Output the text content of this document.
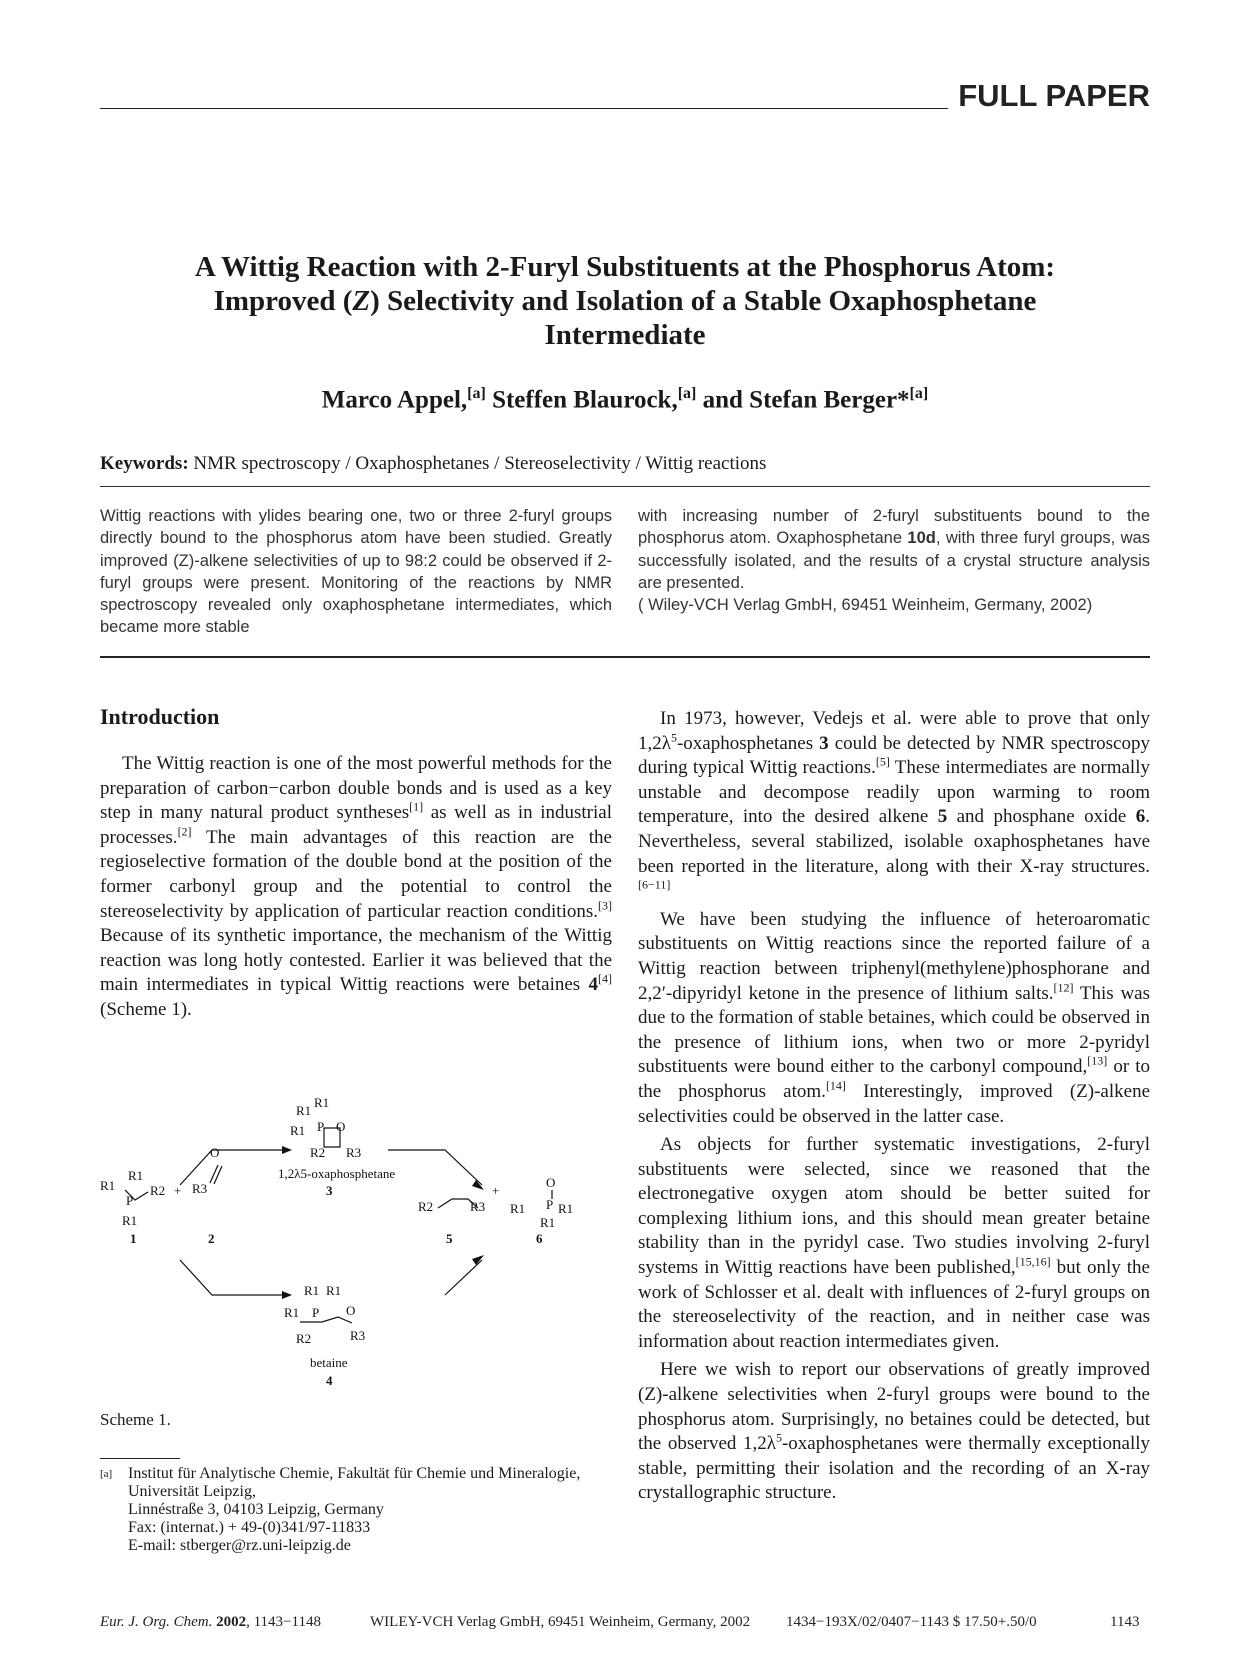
FULL PAPER
A Wittig Reaction with 2-Furyl Substituents at the Phosphorus Atom:
Improved (Z) Selectivity and Isolation of a Stable Oxaphosphetane
Intermediate
Marco Appel,[a] Steffen Blaurock,[a] and Stefan Berger*[a]
Keywords: NMR spectroscopy / Oxaphosphetanes / Stereoselectivity / Wittig reactions
Wittig reactions with ylides bearing one, two or three 2-furyl groups directly bound to the phosphorus atom have been studied. Greatly improved (Z)-alkene selectivities of up to 98:2 could be observed if 2-furyl groups were present. Monitoring of the reactions by NMR spectroscopy revealed only oxaphosphetane intermediates, which became more stable
with increasing number of 2-furyl substituents bound to the phosphorus atom. Oxaphosphetane 10d, with three furyl groups, was successfully isolated, and the results of a crystal structure analysis are presented.
( Wiley-VCH Verlag GmbH, 69451 Weinheim, Germany, 2002)
Introduction

The Wittig reaction is one of the most powerful methods for the preparation of carbon−carbon double bonds and is used as a key step in many natural product syntheses[1] as well as in industrial processes.[2] The main advantages of this reaction are the regioselective formation of the double bond at the position of the former carbonyl group and the potential to control the stereoselectivity by application of particular reaction conditions.[3] Because of its synthetic importance, the mechanism of the Wittig reaction was long hotly contested. Earlier it was believed that the main intermediates in typical Wittig reactions were betaines 4[4] (Scheme 1).

R1
R1
R1 P O
R2 R3
1,2λ5-oxaphosphetane
3
R1
R1
P
R2
R1
1
+
O
R3
2
R2	R3
5
+
O
P
R1	R1
R1
6
R1 R1
R1 P O
R2	R3
betaine
4
Scheme 1.
[a] Institut für Analytische Chemie, Fakultät für Chemie und Mineralogie, Universität Leipzig,
Linnéstraße 3, 04103 Leipzig, Germany
Fax: (internat.) + 49-(0)341/97-11833
E-mail: stberger@rz.uni-leipzig.de

In 1973, however, Vedejs et al. were able to prove that only $1,2\lambda^5$-oxaphosphetanes 3 could be detected by NMR spectroscopy during typical Wittig reactions.[5] These intermediates are normally unstable and decompose readily upon warming to room temperature, into the desired alkene 5 and phosphane oxide 6. Nevertheless, several stabilized, isolable oxaphosphetanes have been reported in the literature, along with their X-ray structures.[6−11]

We have been studying the influence of heteroaromatic substituents on Wittig reactions since the reported failure of a Wittig reaction between triphenyl(methylene)phosphorane and 2,2′-dipyridyl ketone in the presence of lithium salts.[12] This was due to the formation of stable betaines, which could be observed in the presence of lithium ions, when two or more 2-pyridyl substituents were bound either to the carbonyl compound,[13] or to the phosphorus atom.[14] Interestingly, improved (Z)-alkene selectivities could be observed in the latter case.

As objects for further systematic investigations, 2-furyl substituents were selected, since we reasoned that the electronegative oxygen atom should be better suited for complexing lithium ions, and this should mean greater betaine stability than in the pyridyl case. Two studies involving 2-furyl systems in Wittig reactions have been published,[15,16] but only the work of Schlosser et al. dealt with influences of 2-furyl groups on the stereoselectivity of the reaction, and in neither case was information about reaction intermediates given.

Here we wish to report our observations of greatly improved (Z)-alkene selectivities when 2-furyl groups were bound to the phosphorus atom. Surprisingly, no betaines could be detected, but the observed $1,2\lambda^5$-oxaphosphetanes were thermally exceptionally stable, permitting their isolation and the recording of an X-ray crystallographic structure.

Eur. J. Org. Chem. 2002, 1143−1148	WILEY-VCH Verlag GmbH, 69451 Weinheim, Germany, 2002 1434−193X/02/0407−1143 $ 17.50+.50/0	1143
